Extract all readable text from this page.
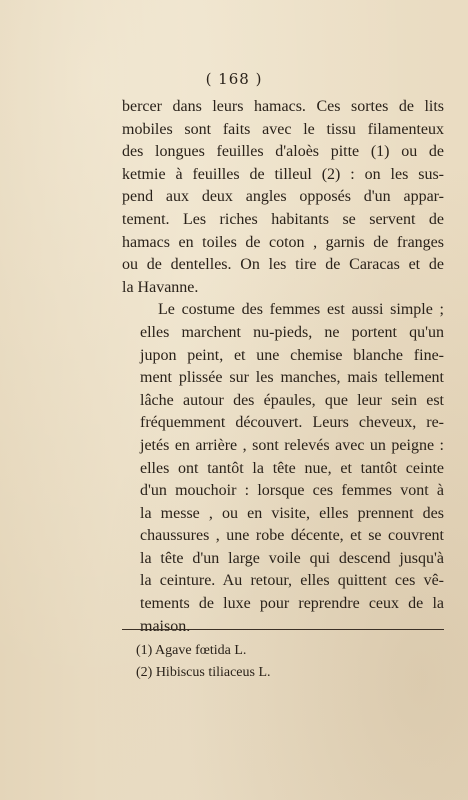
( 168 )

bercer dans leurs hamacs. Ces sortes de lits
mobiles sont faits avec le tissu filamenteux
des longues feuilles d'aloès pitte (1) ou de
ketmie à feuilles de tilleul (2) : on les sus-
pend aux deux angles opposés d'un appar-
tement. Les riches habitants se servent de
hamacs en toiles de coton , garnis de franges
ou de dentelles. On les tire de Caracas et de
la Havanne.

Le costume des femmes est aussi simple ;
elles marchent nu-pieds, ne portent qu'un
jupon peint, et une chemise blanche fine-
ment plissée sur les manches, mais tellement
lâche autour des épaules, que leur sein est
fréquemment découvert. Leurs cheveux, re-
jetés en arrière , sont relevés avec un peigne :
elles ont tantôt la tête nue, et tantôt ceinte
d'un mouchoir : lorsque ces femmes vont à
la messe , ou en visite, elles prennent des
chaussures , une robe décente, et se couvrent
la tête d'un large voile qui descend jusqu'à
la ceinture. Au retour, elles quittent ces vê-
tements de luxe pour reprendre ceux de la
maison.

(1) Agave fœtida L.
(2) Hibiscus tiliaceus L.
